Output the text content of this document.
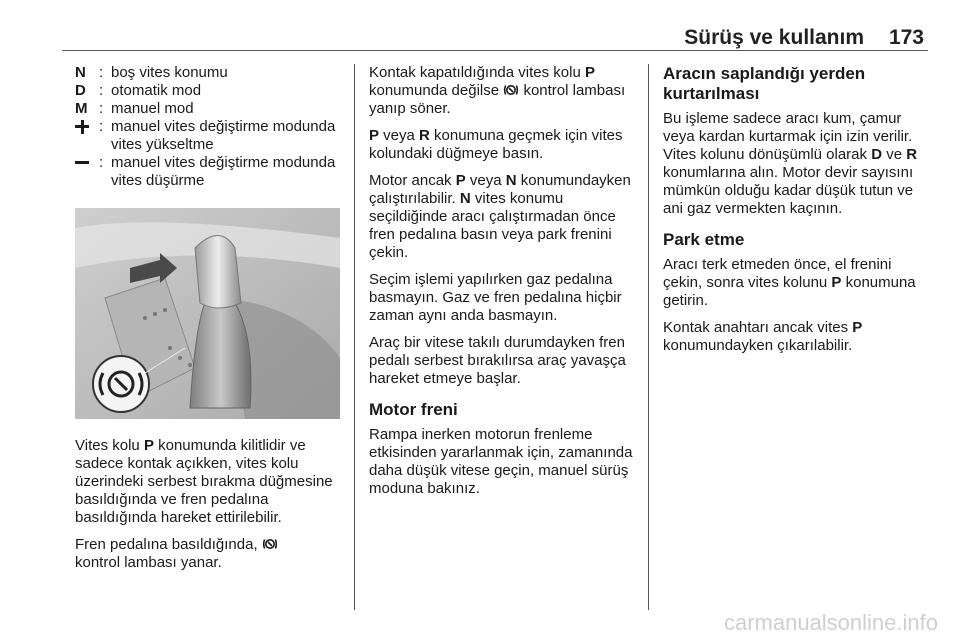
Sürüş ve kullanım 173
N : boş vites konumu
D : otomatik mod
M : manuel mod
: manuel vites değiştirme modunda vites yükseltme
: manuel vites değiştirme modunda vites düşürme

Vites kolu P konumunda kilitlidir ve sadece kontak açıkken, vites kolu üzerindeki serbest bırakma düğmesine basıldığında ve fren pedalına basıldığında hareket ettirilebilir.

Fren pedalına basıldığında,
kontrol lambası yanar.

Kontak kapatıldığında vites kolu P konumunda değilse kontrol lambası yanıp söner.

P veya R konumuna geçmek için vites kolundaki düğmeye basın.

Motor ancak P veya N konumundayken çalıştırılabilir. N vites konumu seçildiğinde aracı çalıştırmadan önce fren pedalına basın veya park frenini çekin.

Seçim işlemi yapılırken gaz pedalına basmayın. Gaz ve fren pedalına hiçbir zaman aynı anda basmayın.

Araç bir vitese takılı durumdayken fren pedalı serbest bırakılırsa araç yavaşça hareket etmeye başlar.

Motor freni

Rampa inerken motorun frenleme etkisinden yararlanmak için, zamanında daha düşük vitese geçin, manuel sürüş moduna bakınız.

Aracın saplandığı yerden kurtarılması

Bu işleme sadece aracı kum, çamur veya kardan kurtarmak için izin verilir. Vites kolunu dönüşümlü olarak D ve R konumlarına alın. Motor devir sayısını mümkün olduğu kadar düşük tutun ve ani gaz vermekten kaçının.

Park etme

Aracı terk etmeden önce, el frenini çekin, sonra vites kolunu P konumuna getirin.

Kontak anahtarı ancak vites P konumundayken çıkarılabilir.

carmanualsonline.info
